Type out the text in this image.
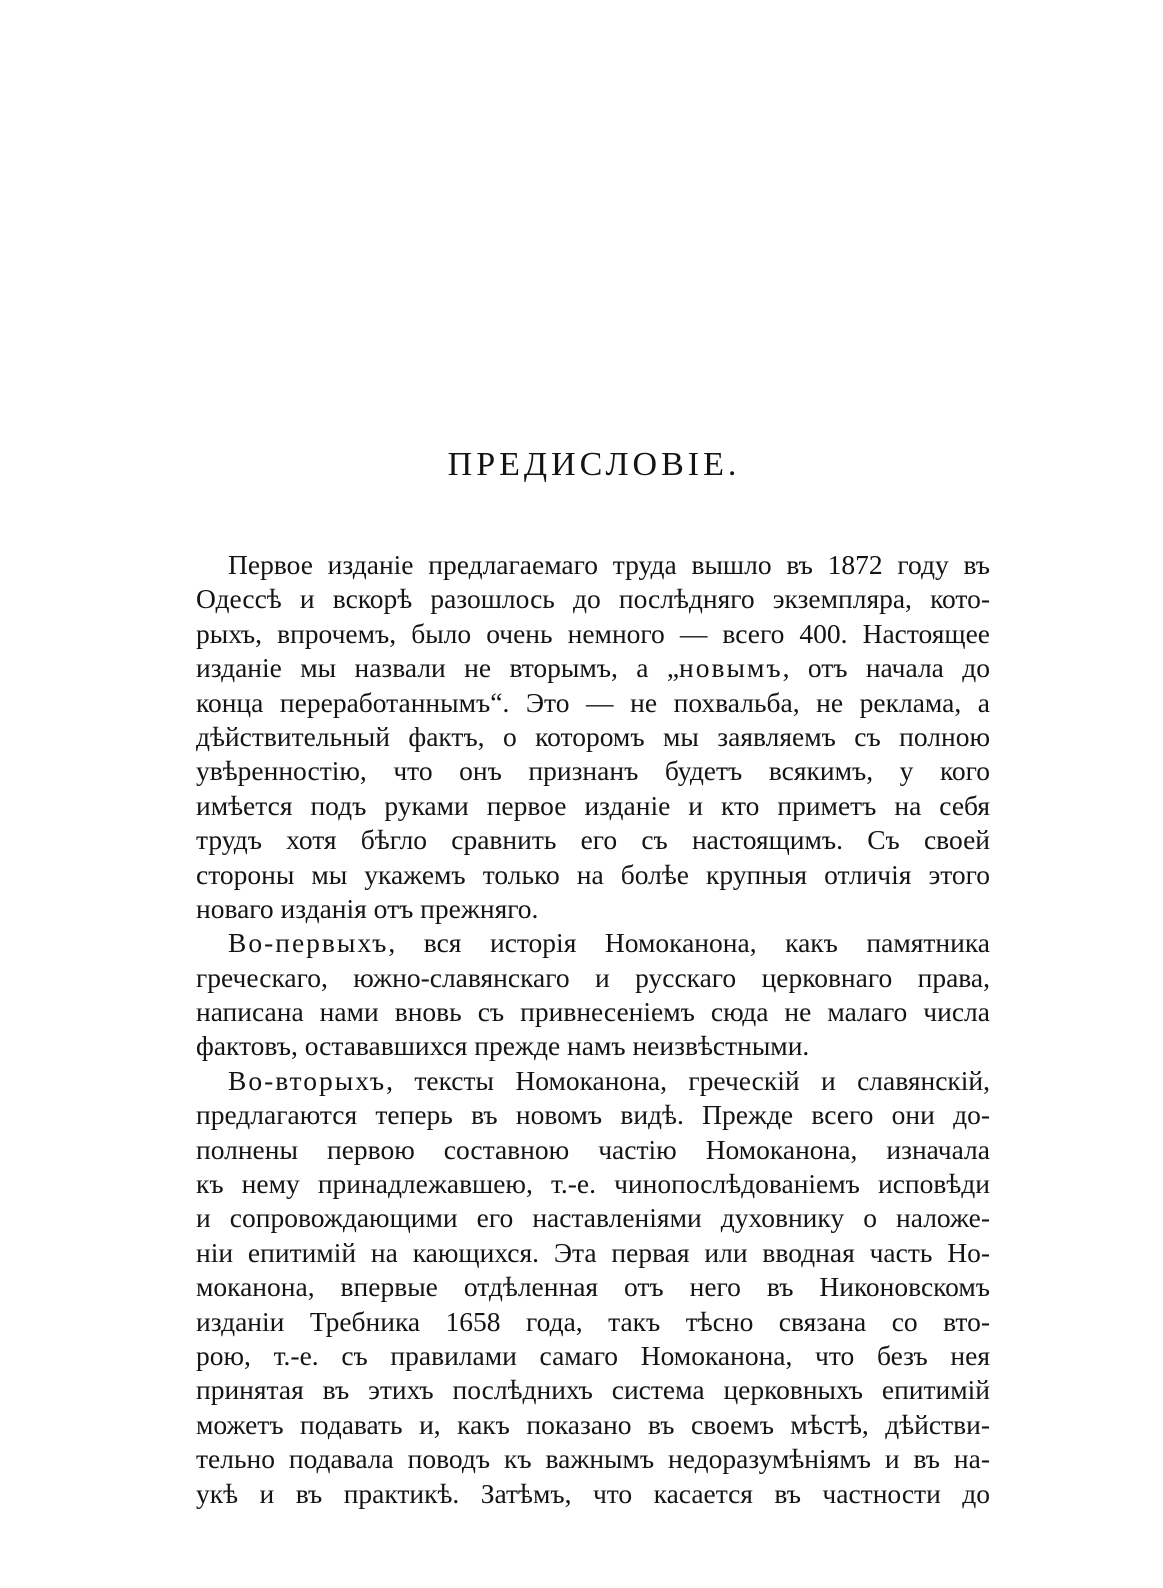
ПРЕДИСЛОВІЕ.
Первое изданіе предлагаемаго труда вышло въ 1872 году въ
Одессѣ и вскорѣ разошлось до послѣдняго экземпляра, кото-
рыхъ, впрочемъ, было очень немного — всего 400. Настоящее
изданіе мы назвали не вторымъ, а „новымъ, отъ начала до
конца переработаннымъ“. Это — не похвальба, не реклама, а
дѣйствительный фактъ, о которомъ мы заявляемъ съ полною
увѣренностію, что онъ признанъ будетъ всякимъ, у кого
имѣется подъ руками первое изданіе и кто приметъ на себя
трудъ хотя бѣгло сравнить его съ настоящимъ. Съ своей
стороны мы укажемъ только на болѣе крупныя отличія этого
новаго изданія отъ прежняго.
Во-первыхъ, вся исторія Номоканона, какъ памятника
греческаго, южно-славянскаго и русскаго церковнаго права,
написана нами вновь съ привнесеніемъ сюда не малаго числа
фактовъ, остававшихся прежде намъ неизвѣстными.
Во-вторыхъ, тексты Номоканона, греческій и славянскій,
предлагаются теперь въ новомъ видѣ. Прежде всего они до-
полнены первою составною частію Номоканона, изначала
къ нему принадлежавшею, т.-е. чинопослѣдованіемъ исповѣди
и сопровождающими его наставленіями духовнику о наложе-
ніи епитимій на кающихся. Эта первая или вводная часть Но-
моканона, впервые отдѣленная отъ него въ Никоновскомъ
изданіи Требника 1658 года, такъ тѣсно связана со вто-
рою, т.-е. съ правилами самаго Номоканона, что безъ нея
принятая въ этихъ послѣднихъ система церковныхъ епитимій
можетъ подавать и, какъ показано въ своемъ мѣстѣ, дѣйстви-
тельно подавала поводъ къ важнымъ недоразумѣніямъ и въ на-
укѣ и въ практикѣ. Затѣмъ, что касается въ частности до
